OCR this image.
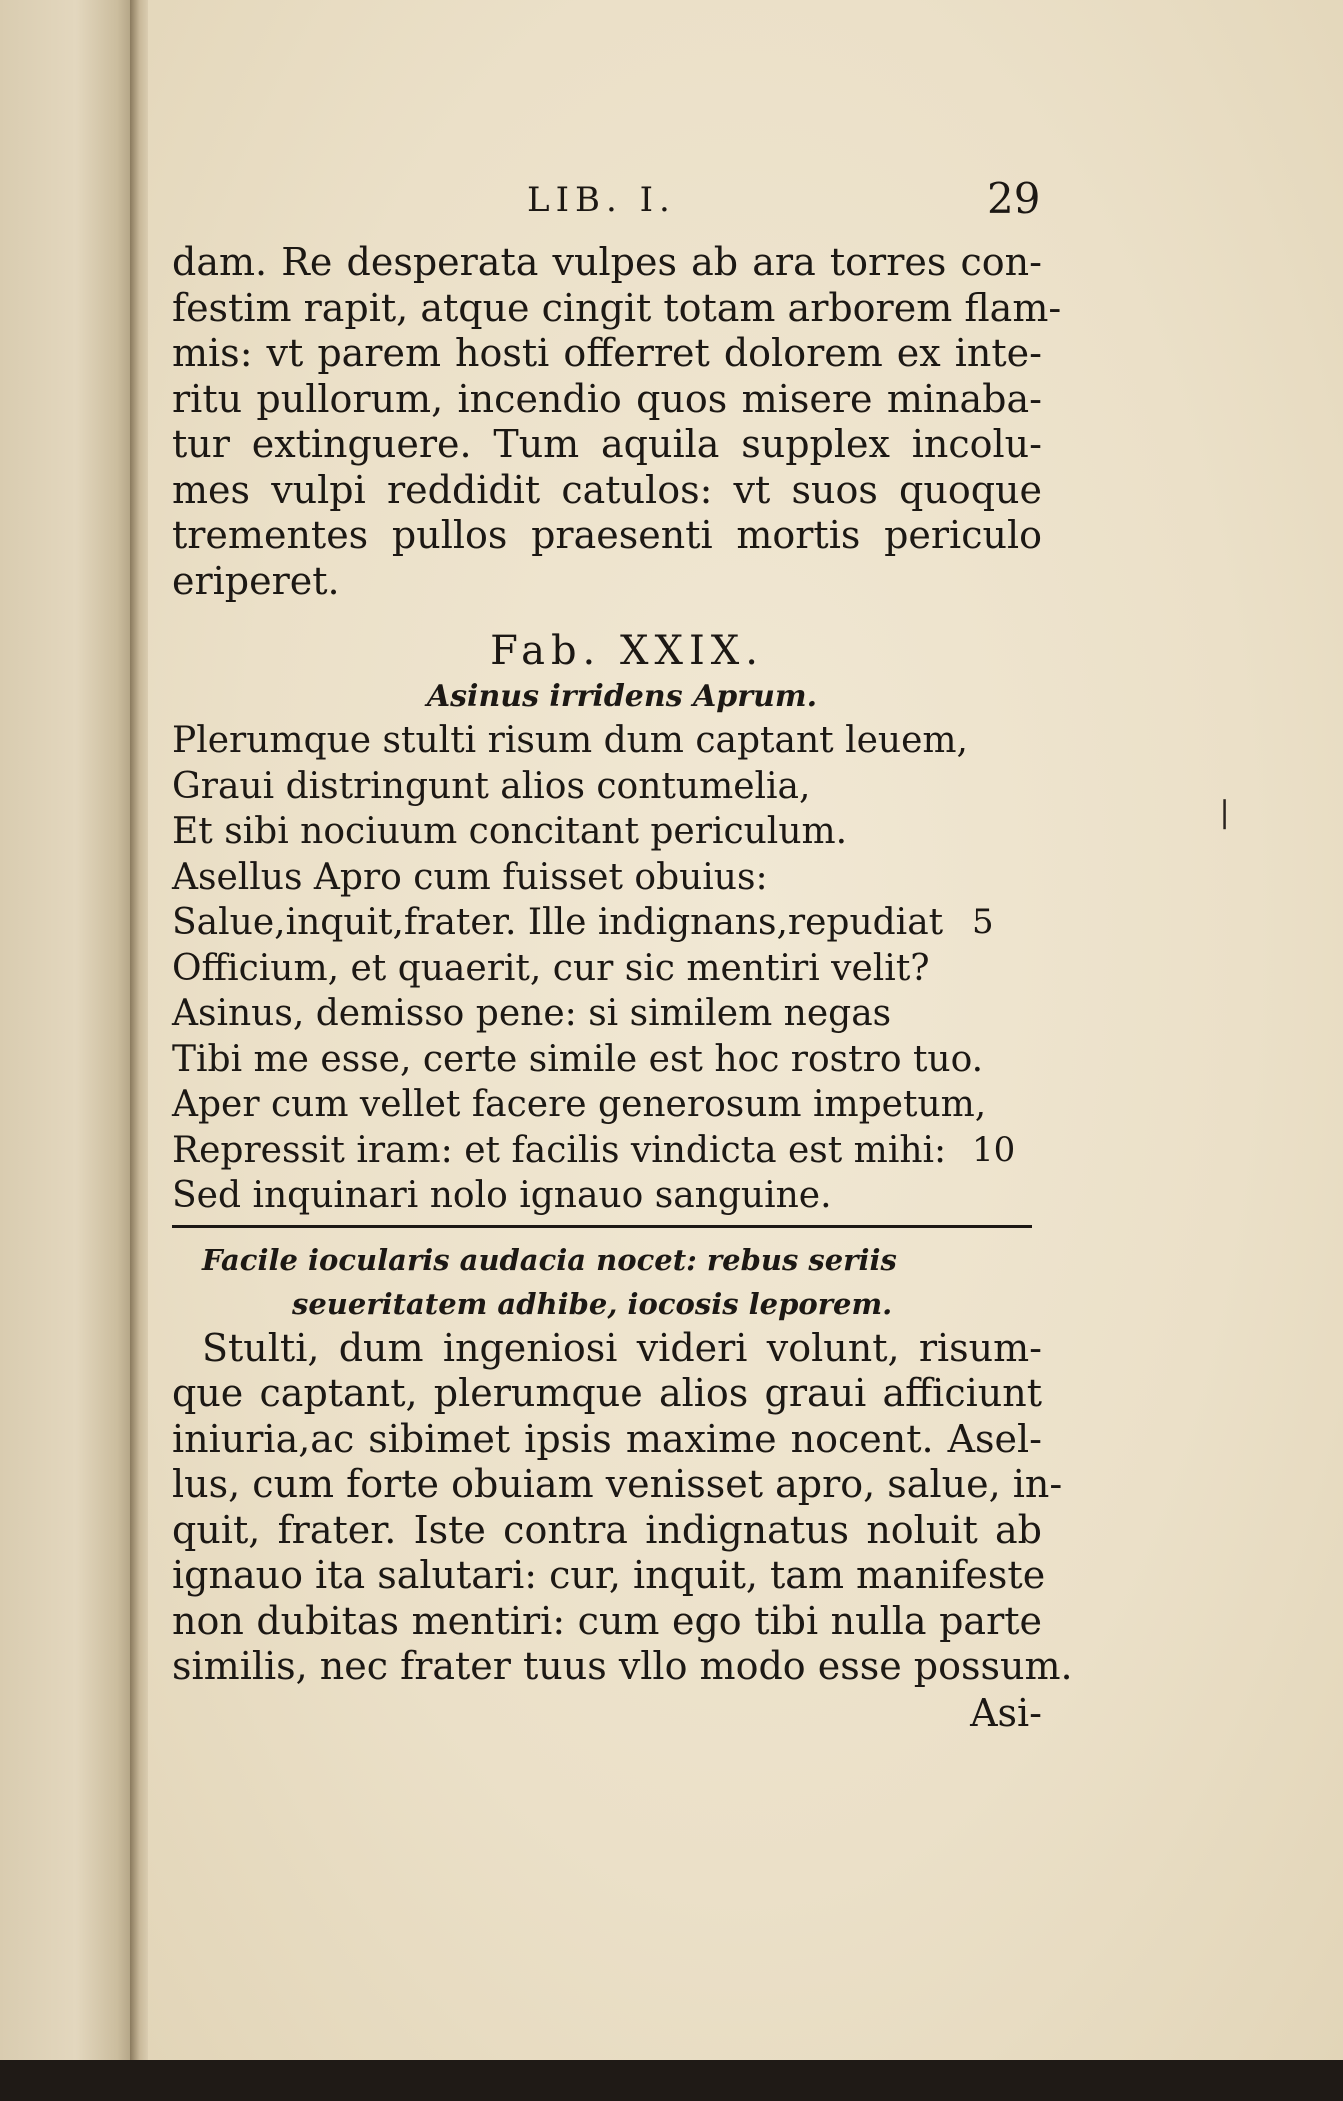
❘
LIB. I.	29
dam. Re desperata vulpes ab ara torres con-
festim rapit, atque cingit totam arborem flam-
mis: vt parem hosti offerret dolorem ex inte-
ritu pullorum, incendio quos misere minaba-
tur extinguere. Tum aquila supplex incolu-
mes vulpi reddidit catulos: vt suos quoque
trementes pullos praesenti mortis periculo
eriperet.
Fab. XXIX.
Asinus irridens Aprum.
Plerumque stulti risum dum captant leuem,
Graui distringunt alios contumelia,
Et sibi nociuum concitant periculum.
Asellus Apro cum fuisset obuius:
Salue,inquit,frater. Ille indignans,repudiat 5
Officium, et quaerit, cur sic mentiri velit?
Asinus, demisso pene: si similem negas
Tibi me esse, certe simile est hoc rostro tuo.
Aper cum vellet facere generosum impetum,
Repressit iram: et facilis vindicta est mihi: 10
Sed inquinari nolo ignauo sanguine.
Facile iocularis audacia nocet: rebus seriis
seueritatem adhibe, iocosis leporem.
Stulti, dum ingeniosi videri volunt, risum-
que captant, plerumque alios graui afficiunt
iniuria,ac sibimet ipsis maxime nocent. Asel-
lus, cum forte obuiam venisset apro, salue, in-
quit, frater. Iste contra indignatus noluit ab
ignauo ita salutari: cur, inquit, tam manifeste
non dubitas mentiri: cum ego tibi nulla parte
similis, nec frater tuus vllo modo esse possum.
Asi-
